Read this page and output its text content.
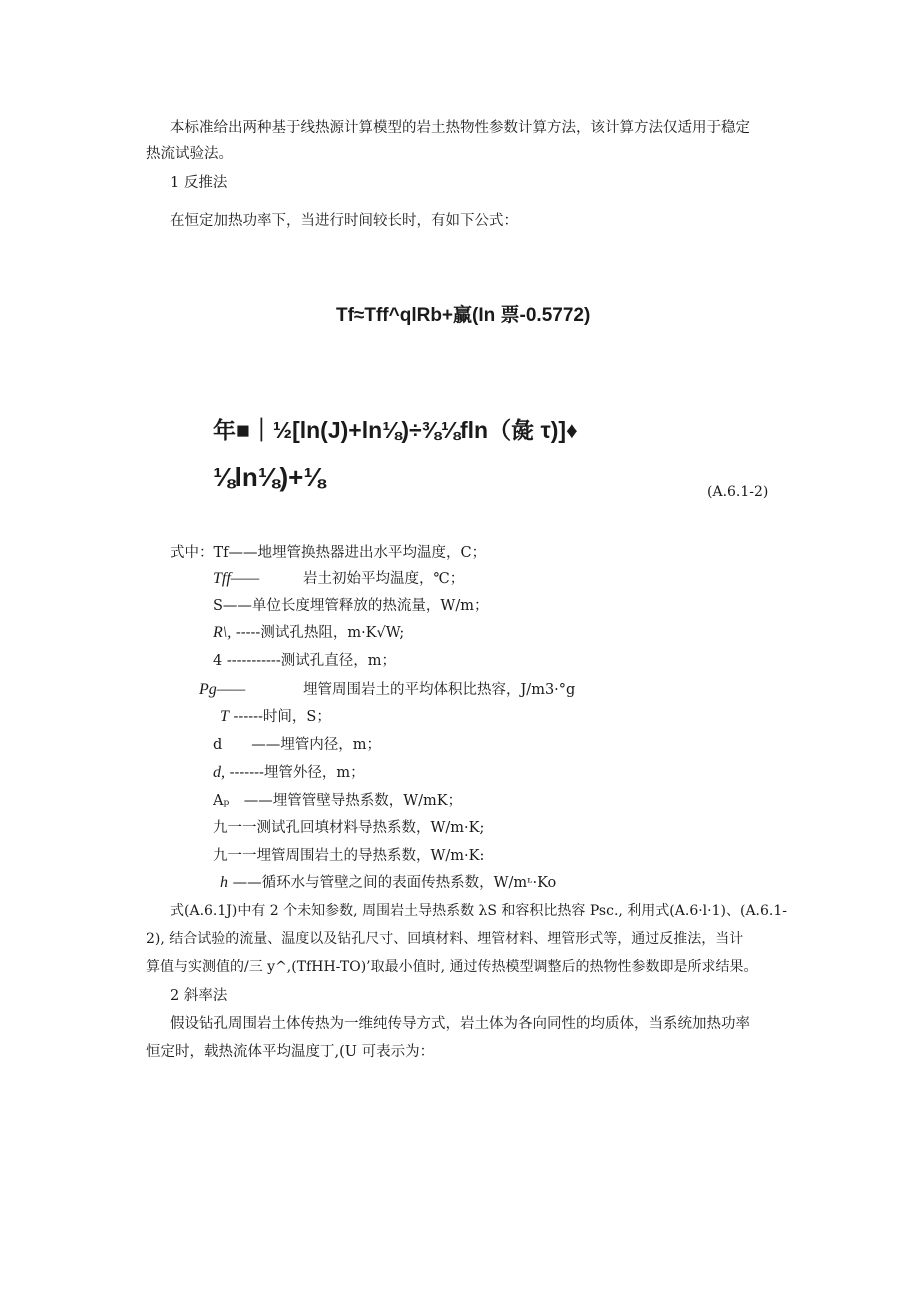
本标准给出两种基于线热源计算模型的岩土热物性参数计算方法，该计算方法仅适用于稳定
热流试验法。
1 反推法
在恒定加热功率下，当进行时间较长时，有如下公式：
Tf≈Tff^qlRb+赢(In 票-0.5772)
年■｜½[ln(J)+ln⅛)÷⅜⅛fln（彘 τ)]♦
⅛ln⅛)+⅛	(A.6.1-2)
式中：Tf——地埋管换热器进出水平均温度，C；
Tff——	岩土初始平均温度，℃；
S——单位长度埋管释放的热流量，W/m；
R\, -----测试孔热阻，m·K√W;
4 -----------测试孔直径，m；
Pg——	埋管周围岩土的平均体积比热容，J/m3·°g
T ------时间，S；
d　　——埋管内径，m；
d, -------埋管外径，m；
Aₚ　——埋管管壁导热系数，W/mK；
九一一测试孔回填材料导热系数，W/m·K;
九一一埋管周围岩土的导热系数，W/m·K:
h ——循环水与管壁之间的表面传热系数，W/mᶫ·Ko
式(A.6.1J)中有 2 个未知参数, 周围岩土导热系数 λS 和容积比热容 Psc., 利用式(A.6·l·1)、(A.6.1-
2), 结合试验的流量、温度以及钻孔尺寸、回填材料、埋管材料、埋管形式等，通过反推法，当计
算值与实测值的/三 y^,(TfHH-TO)’取最小值时, 通过传热模型调整后的热物性参数即是所求结果。
2 斜率法
假设钻孔周围岩土体传热为一维纯传导方式，岩土体为各向同性的均质体，当系统加热功率
恒定时，载热流体平均温度丁,(U 可表示为：
